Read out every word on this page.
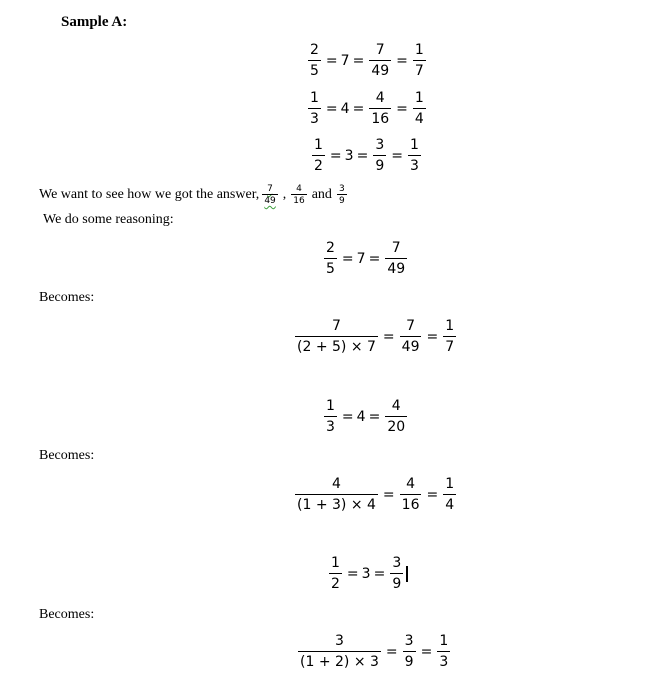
Sample A:
$\frac{2}{5} = 7 = \frac{7}{49} = \frac{1}{7}$
$\frac{1}{3} = 4 = \frac{4}{16} = \frac{1}{4}$
$\frac{1}{2} = 3 = \frac{3}{9} = \frac{1}{3}$
We want to see how we got the answer, $\frac{7}{49}$ , $\frac{4}{16}$ and $\frac{3}{9}$
We do some reasoning:
$\frac{2}{5} = 7 = \frac{7}{49}$
Becomes:
$\frac{7}{(2 + 5) \times 7} = \frac{7}{49} = \frac{1}{7}$
$\frac{1}{3} = 4 = \frac{4}{20}$
Becomes:
$\frac{4}{(1 + 3) \times 4} = \frac{4}{16} = \frac{1}{4}$
$\frac{1}{2} = 3 = \frac{3}{9}$
Becomes:
$\frac{3}{(1 + 2) \times 3} = \frac{3}{9} = \frac{1}{3}$
